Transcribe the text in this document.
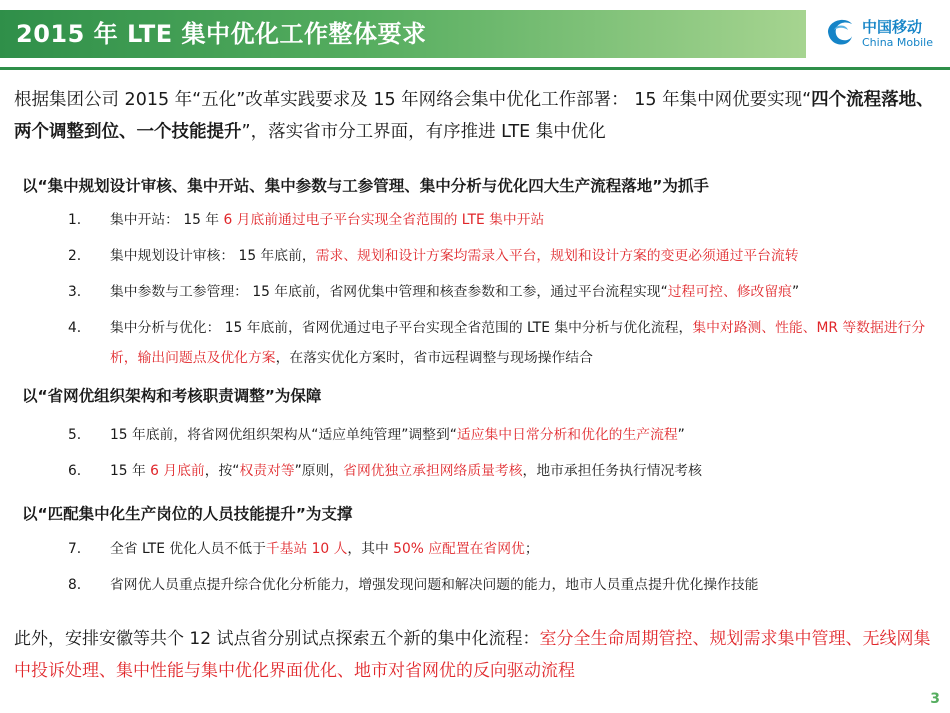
2015 年 LTE 集中优化工作整体要求	中国移动
China Mobile
根据集团公司 2015 年“五化”改革实践要求及 15 年网络会集中优化工作部署： 15 年集中网优要实现“四个流程落地、两个调整到位、一个技能提升”，落实省市分工界面，有序推进 LTE 集中优化
以“集中规划设计审核、集中开站、集中参数与工参管理、集中分析与优化四大生产流程落地”为抓手
1. 集中开站： 15 年 6 月底前通过电子平台实现全省范围的 LTE 集中开站
2. 集中规划设计审核： 15 年底前，需求、规划和设计方案均需录入平台，规划和设计方案的变更必须通过平台流转
3. 集中参数与工参管理： 15 年底前，省网优集中管理和核查参数和工参，通过平台流程实现“过程可控、修改留痕”
4. 集中分析与优化： 15 年底前，省网优通过电子平台实现全省范围的 LTE 集中分析与优化流程，集中对路测、性能、MR 等数据进行分析，输出问题点及优化方案，在落实优化方案时，省市远程调整与现场操作结合
以“省网优组织架构和考核职责调整”为保障
5. 15 年底前，将省网优组织架构从“适应单纯管理”调整到“适应集中日常分析和优化的生产流程”
6. 15 年 6 月底前，按“权责对等”原则，省网优独立承担网络质量考核，地市承担任务执行情况考核
以“匹配集中化生产岗位的人员技能提升”为支撑
7. 全省 LTE 优化人员不低于千基站 10 人，其中 50% 应配置在省网优；
8. 省网优人员重点提升综合优化分析能力，增强发现问题和解决问题的能力，地市人员重点提升优化操作技能
此外，安排安徽等共个 12 试点省分别试点探索五个新的集中化流程：室分全生命周期管控、规划需求集中管理、无线网集中投诉处理、集中性能与集中优化界面优化、地市对省网优的反向驱动流程
3
